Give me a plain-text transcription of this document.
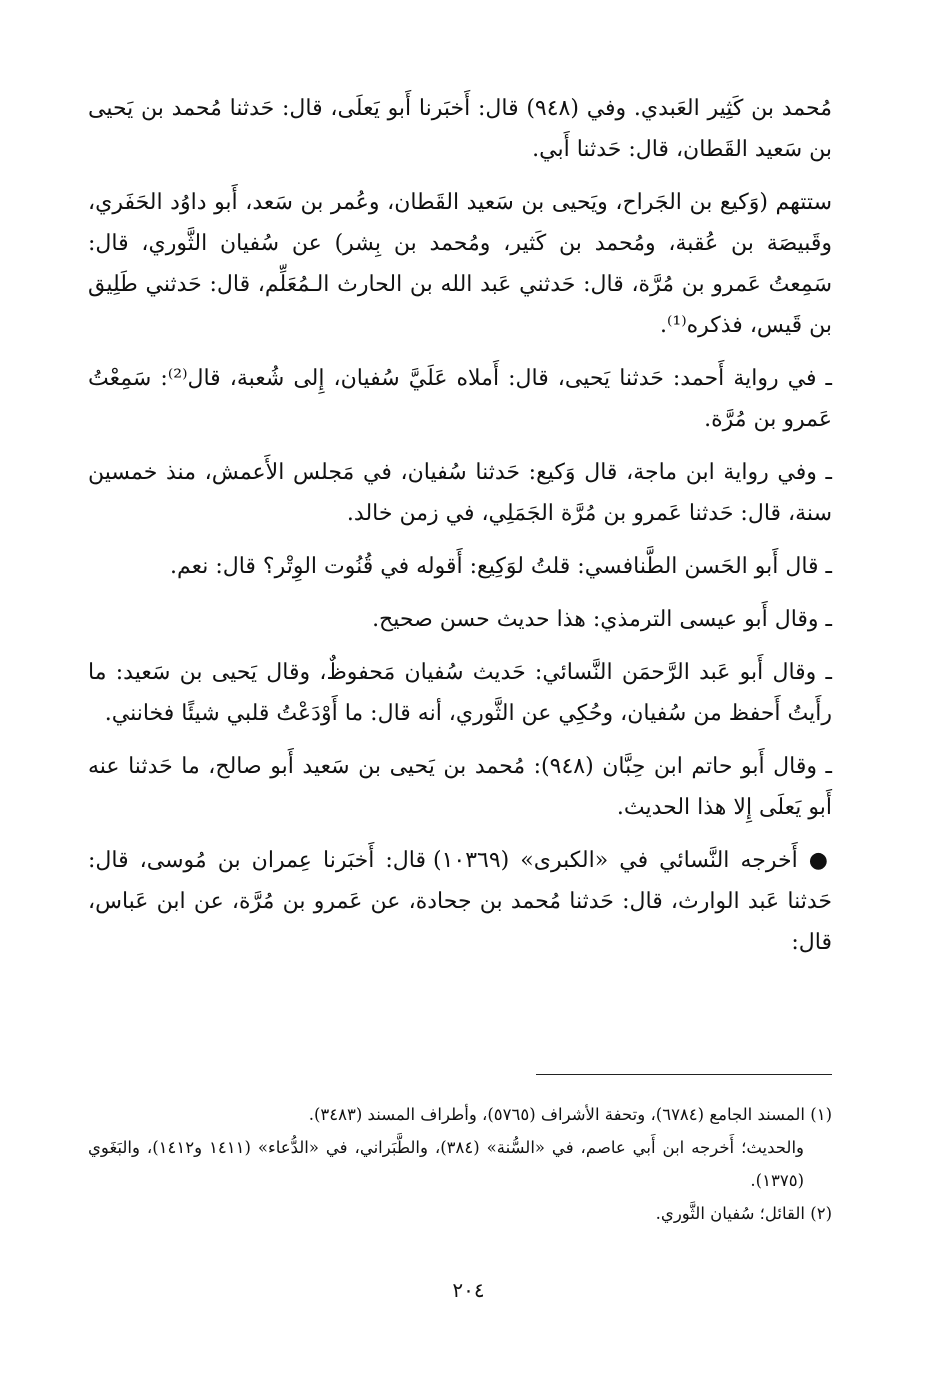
مُحمد بن كَثِير العَبدي. وفي (٩٤٨) قال: أَخبَرنا أَبو يَعلَى، قال: حَدثنا مُحمد بن يَحيى بن سَعيد القَطان، قال: حَدثنا أَبي.

ستتهم (وَكيع بن الجَراح، ويَحيى بن سَعيد القَطان، وعُمر بن سَعد، أَبو داوُد الحَفَري، وقَبيصَة بن عُقبة، ومُحمد بن كَثير، ومُحمد بن بِشر) عن سُفيان الثَّوري، قال: سَمِعتُ عَمرو بن مُرَّة، قال: حَدثني عَبد الله بن الحارث الـمُعَلِّم، قال: حَدثني طَلِيق بن قَيس، فذكره⁽¹⁾.

ـ في رواية أَحمد: حَدثنا يَحيى، قال: أَملاه عَلَيَّ سُفيان، إِلى شُعبة، قال⁽²⁾: سَمِعْتُ عَمرو بن مُرَّة.

ـ وفي رواية ابن ماجة، قال وَكيع: حَدثنا سُفيان، في مَجلس الأَعمش، منذ خمسين سنة، قال: حَدثنا عَمرو بن مُرَّة الجَمَلِي، في زمن خالد.

ـ قال أَبو الحَسن الطَّنافسي: قلتُ لوَكِيع: أَقوله في قُنُوت الوِتْر؟ قال: نعم.

ـ وقال أَبو عيسى الترمذي: هذا حديث حسن صحيح.

ـ وقال أَبو عَبد الرَّحمَن النَّسائي: حَديث سُفيان مَحفوظٌ، وقال يَحيى بن سَعيد: ما رأَيتُ أَحفظ من سُفيان، وحُكِي عن الثَّوري، أنه قال: ما أَوْدَعْتُ قلبي شيئًا فخانني.

ـ وقال أَبو حاتم ابن حِبَّان (٩٤٨): مُحمد بن يَحيى بن سَعيد أَبو صالح، ما حَدثنا عنه أَبو يَعلَى إِلا هذا الحديث.

● أَخرجه النَّسائي في «الكبرى» (١٠٣٦٩) قال: أَخبَرنا عِمران بن مُوسى، قال: حَدثنا عَبد الوارث، قال: حَدثنا مُحمد بن جحادة، عن عَمرو بن مُرَّة، عن ابن عَباس، قال:

(١) المسند الجامع (٦٧٨٤)، وتحفة الأشراف (٥٧٦٥)، وأطراف المسند (٣٤٨٣).

والحديث؛ أَخرجه ابن أَبي عاصم، في «السُّنة» (٣٨٤)، والطَّبَراني، في «الدُّعاء» (١٤١١ و١٤١٢)، والبَغَوي (١٣٧٥).

(٢) القائل؛ سُفيان الثَّوري.

٢٠٤
